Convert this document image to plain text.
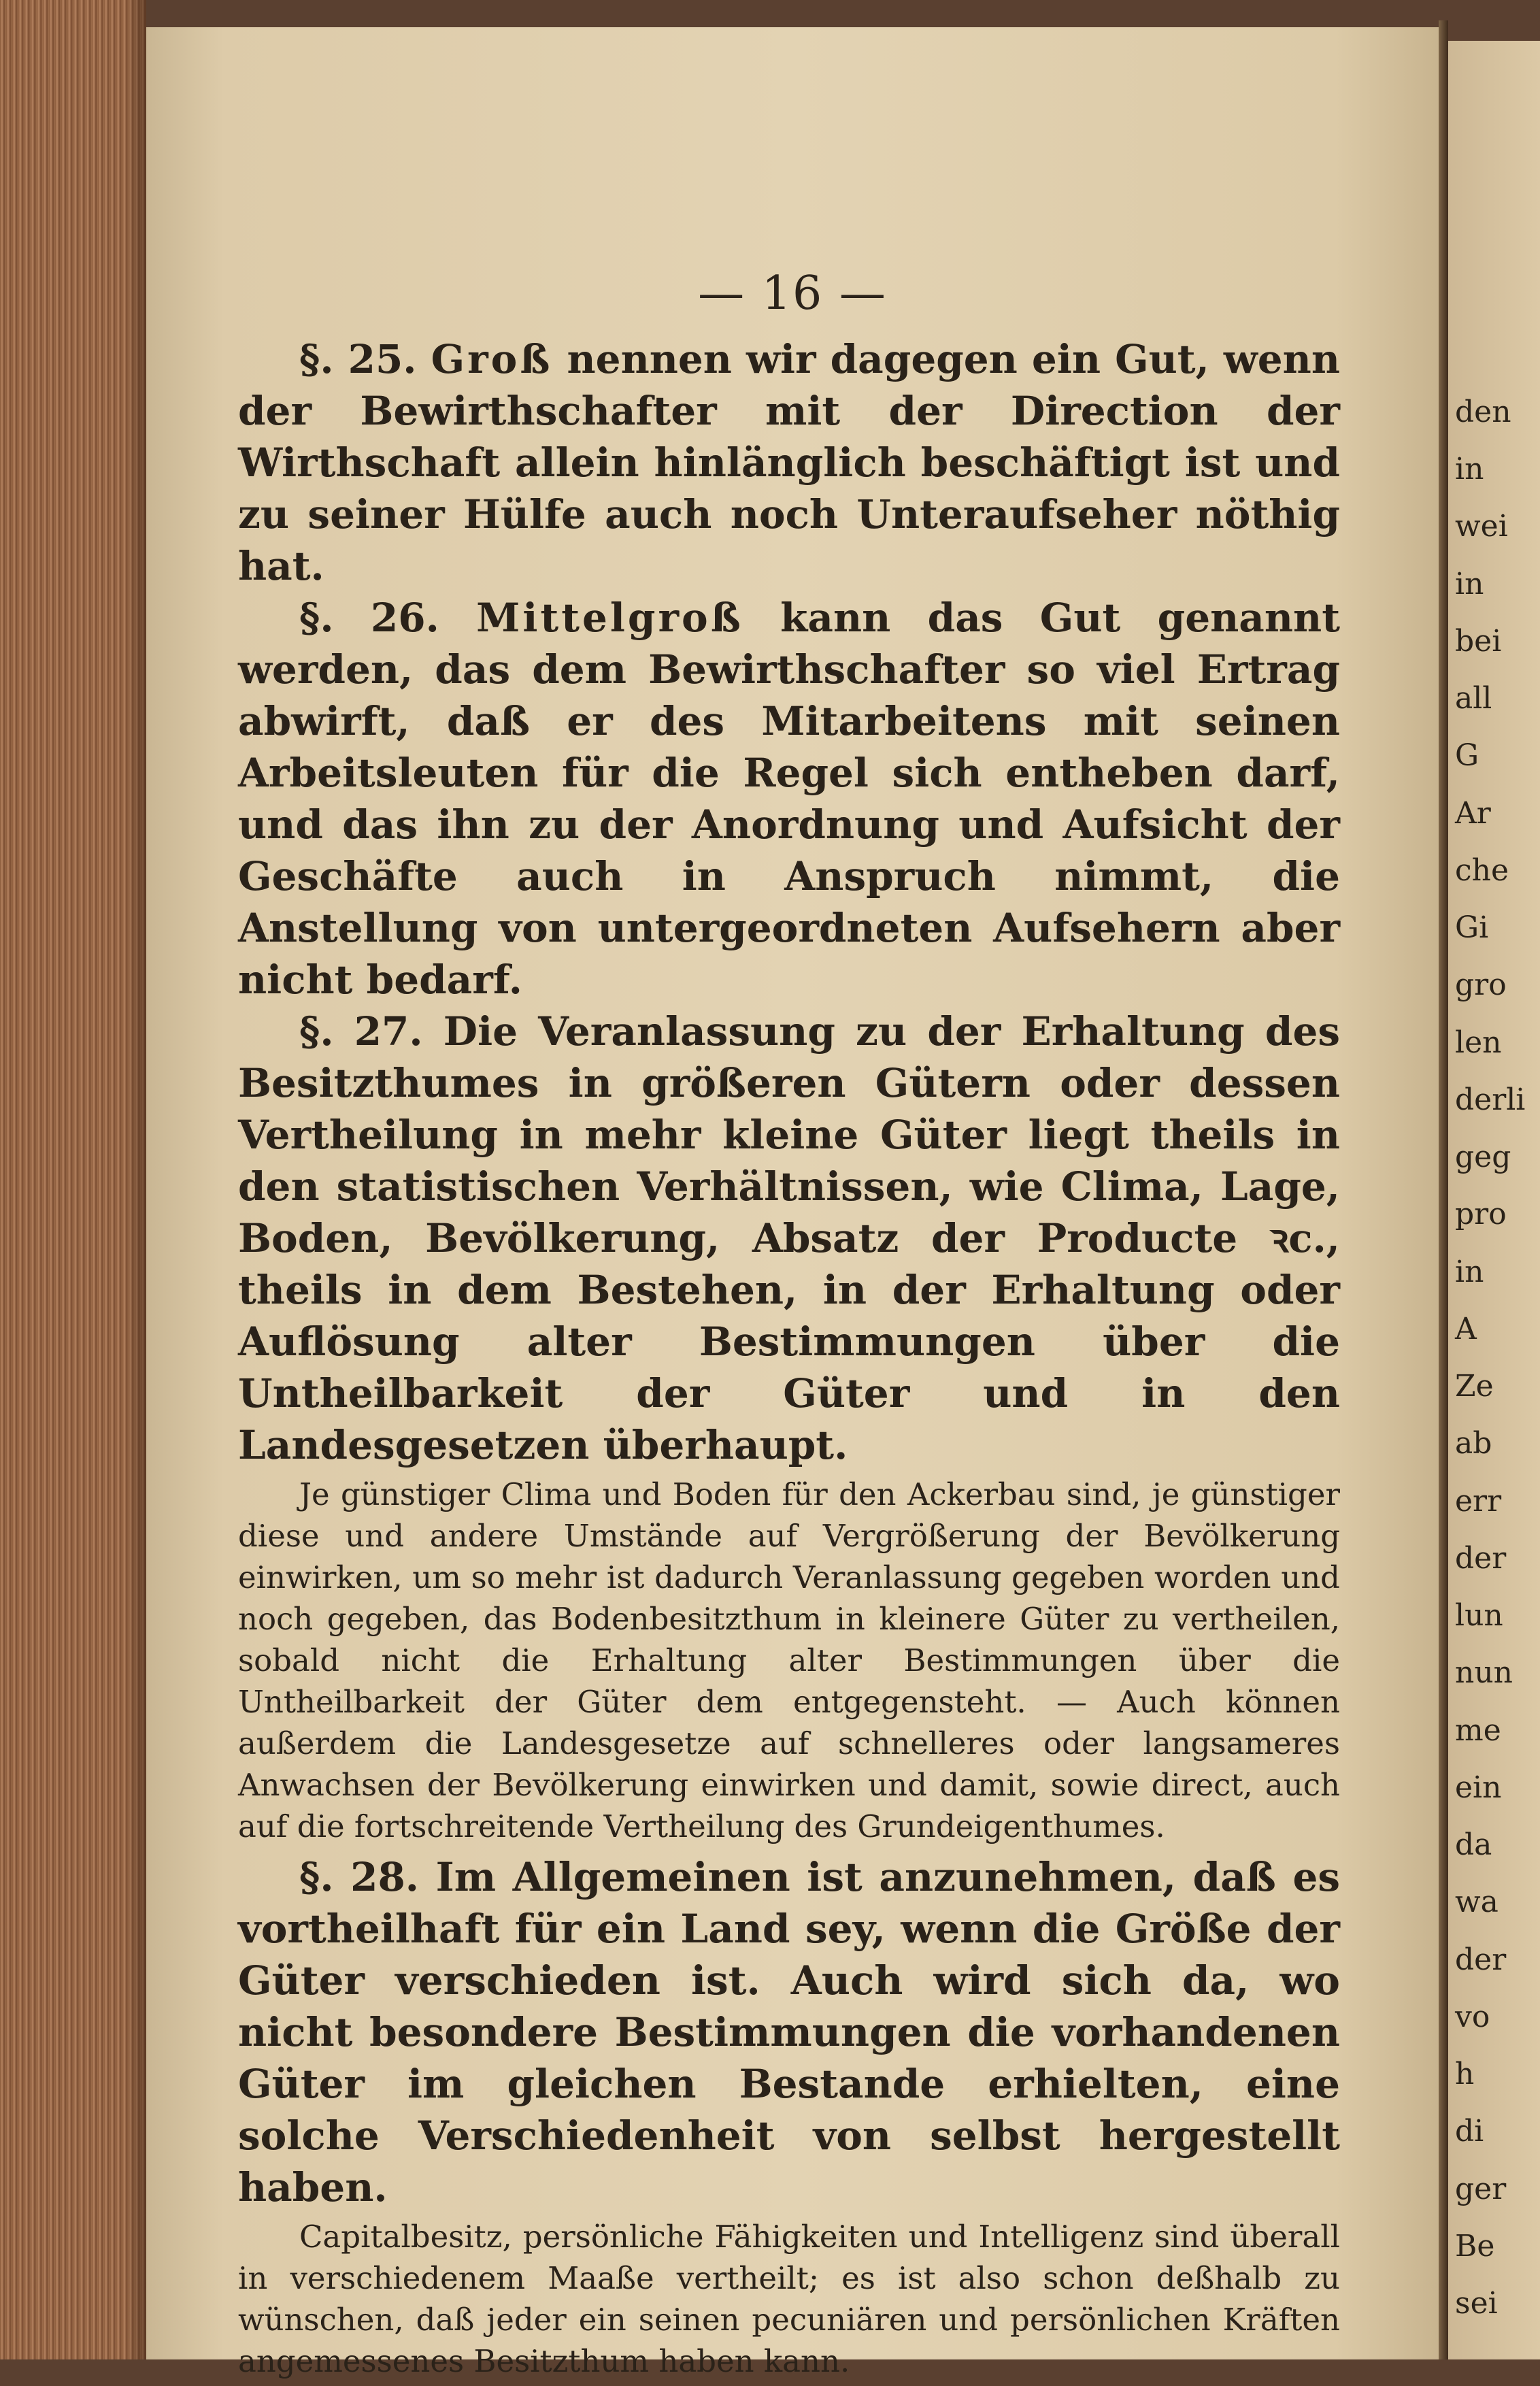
— 16 —
den
in
wei
in
bei
all
G
Ar
che
Gi
gro
len
derli
geg
pro
in
A
Ze
ab
err
der
lun
nun
me
ein
da
wa
der
vo
h
di
ger
Be
sei

§. 25. Groß nennen wir dagegen ein Gut, wenn der Bewirthschafter mit der Direction der Wirthschaft allein hinlänglich beschäftigt ist und zu seiner Hülfe auch noch Unteraufseher nöthig hat.

§. 26. Mittelgroß kann das Gut genannt werden, das dem Bewirthschafter so viel Ertrag abwirft, daß er des Mitarbeitens mit seinen Arbeitsleuten für die Regel sich entheben darf, und das ihn zu der Anordnung und Aufsicht der Geschäfte auch in Anspruch nimmt, die Anstellung von untergeordneten Aufsehern aber nicht bedarf.

§. 27. Die Veranlassung zu der Erhaltung des Besitzthumes in größeren Gütern oder dessen Vertheilung in mehr kleine Güter liegt theils in den statistischen Verhältnissen, wie Clima, Lage, Boden, Bevölkerung, Absatz der Producte ꝛc., theils in dem Bestehen, in der Erhaltung oder Auflösung alter Bestimmungen über die Untheilbarkeit der Güter und in den Landesgesetzen überhaupt.

Je günstiger Clima und Boden für den Ackerbau sind, je günstiger diese und andere Umstände auf Vergrößerung der Bevölkerung einwirken, um so mehr ist dadurch Veranlassung gegeben worden und noch gegeben, das Bodenbesitzthum in kleinere Güter zu vertheilen, sobald nicht die Erhaltung alter Bestimmungen über die Untheilbarkeit der Güter dem entgegensteht. — Auch können außerdem die Landesgesetze auf schnelleres oder langsameres Anwachsen der Bevölkerung einwirken und damit, sowie direct, auch auf die fortschreitende Vertheilung des Grundeigenthumes.

§. 28. Im Allgemeinen ist anzunehmen, daß es vortheilhaft für ein Land sey, wenn die Größe der Güter verschieden ist. Auch wird sich da, wo nicht besondere Bestimmungen die vorhandenen Güter im gleichen Bestande erhielten, eine solche Verschiedenheit von selbst hergestellt haben.

Capitalbesitz, persönliche Fähigkeiten und Intelligenz sind überall in verschiedenem Maaße vertheilt; es ist also schon deßhalb zu wünschen, daß jeder ein seinen pecuniären und persönlichen Kräften angemessenes Besitzthum haben kann.
